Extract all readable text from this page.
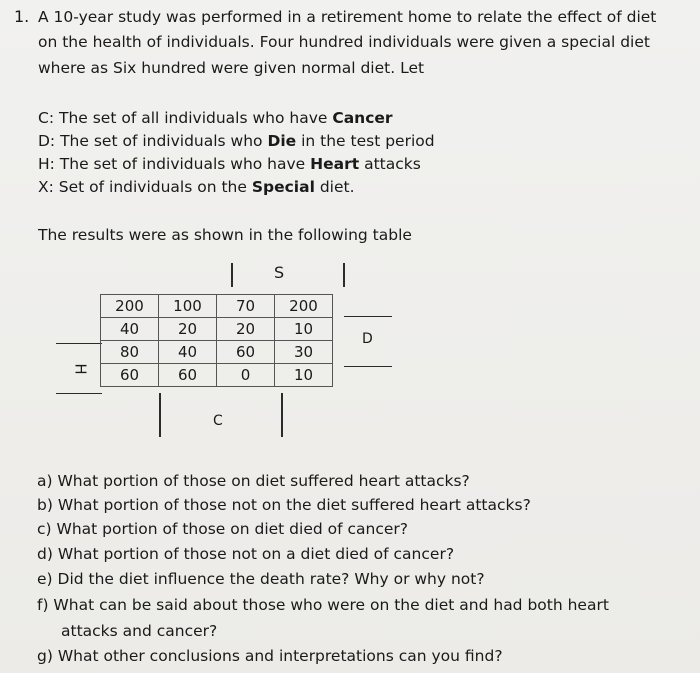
1. A 10-year study was performed in a retirement home to relate the effect of diet
on the health of individuals. Four hundred individuals were given a special diet
where as Six hundred were given normal diet. Let
C: The set of all individuals who have Cancer
D: The set of individuals who Die in the test period
H: The set of individuals who have Heart attacks
X: Set of individuals on the Special diet.
The results were as shown in the following table
S
D
H
C
200	100	70	200
40	20	20	10
80	40	60	30
60	60	0	10
a) What portion of those on diet suffered heart attacks?
b) What portion of those not on the diet suffered heart attacks?
c) What portion of those on diet died of cancer?
d) What portion of those not on a diet died of cancer?
e) Did the diet influence the death rate? Why or why not?
f) What can be said about those who were on the diet and had both heart
attacks and cancer?
g) What other conclusions and interpretations can you find?
